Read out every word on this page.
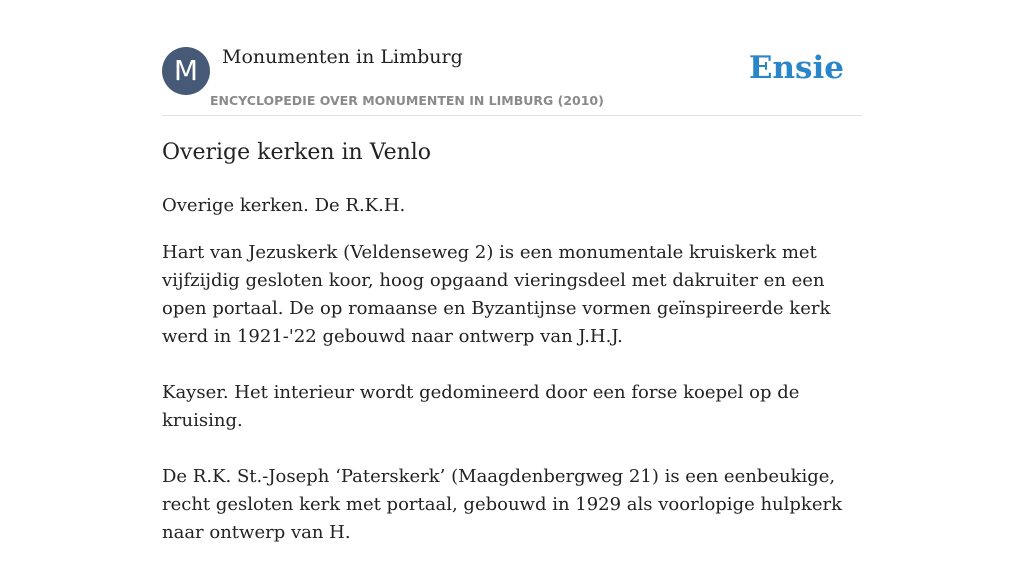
M	Monumenten in Limburg
ENCYCLOPEDIE OVER MONUMENTEN IN LIMBURG (2010)
Ensie
Overige kerken in Venlo

Overige kerken. De R.K.H.

Hart van Jezuskerk (Veldenseweg 2) is een monumentale kruiskerk met vijfzijdig gesloten koor, hoog opgaand vieringsdeel met dakruiter en een open portaal. De op romaanse en Byzantijnse vormen geïnspireerde kerk werd in 1921-'22 gebouwd naar ontwerp van J.H.J.

Kayser. Het interieur wordt gedomineerd door een forse koepel op de kruising.

De R.K. St.-Joseph ‘Paterskerk’ (Maagdenbergweg 21) is een eenbeukige, recht gesloten kerk met portaal, gebouwd in 1929 als voorlopige hulpkerk naar ontwerp van H.
